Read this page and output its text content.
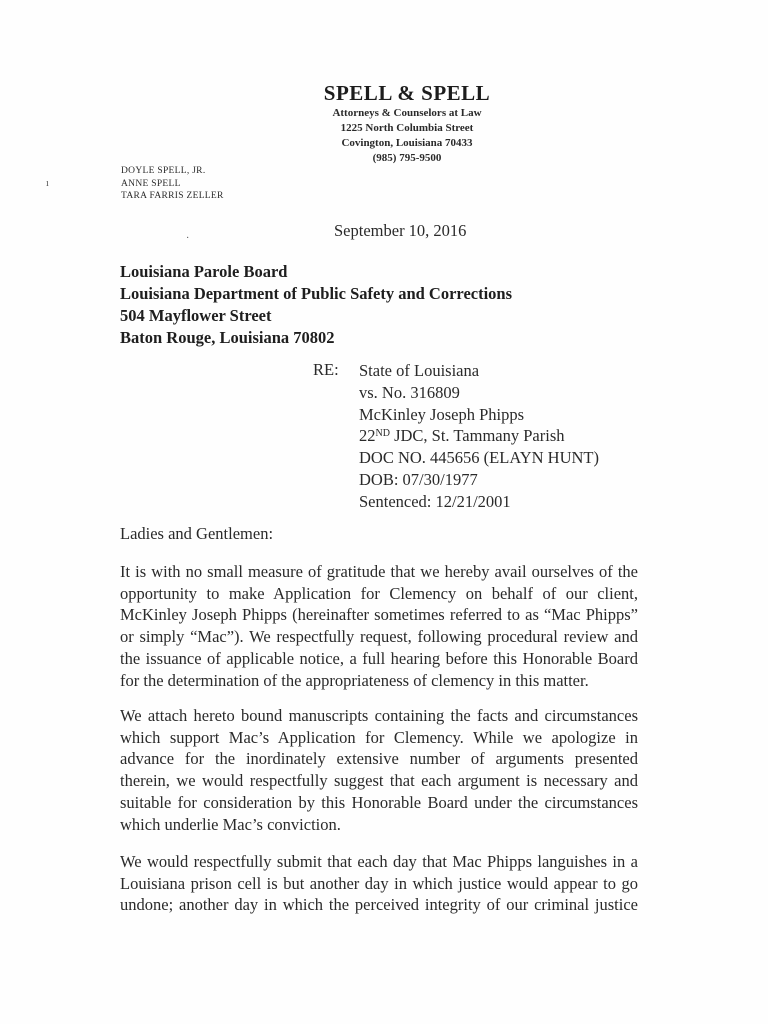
SPELL & SPELL
Attorneys & Counselors at Law
1225 North Columbia Street
Covington, Louisiana 70433
(985) 795-9500
DOYLE SPELL, JR.
ANNE SPELL
TARA FARRIS ZELLER
ı
·	September 10, 2016
Louisiana Parole Board
Louisiana Department of Public Safety and Corrections
504 Mayflower Street
Baton Rouge, Louisiana 70802
RE: State of Louisiana
vs. No. 316809
McKinley Joseph Phipps
22ND JDC, St. Tammany Parish
DOC NO. 445656 (ELAYN HUNT)
DOB: 07/30/1977
Sentenced: 12/21/2001
Ladies and Gentlemen:
It is with no small measure of gratitude that we hereby avail ourselves of the
opportunity to make Application for Clemency on behalf of our client,
McKinley Joseph Phipps (hereinafter sometimes referred to as “Mac Phipps”
or simply “Mac”). We respectfully request, following procedural review and
the issuance of applicable notice, a full hearing before this Honorable Board
for the determination of the appropriateness of clemency in this matter.
We attach hereto bound manuscripts containing the facts and circumstances
which support Mac’s Application for Clemency. While we apologize in
advance for the inordinately extensive number of arguments presented
therein, we would respectfully suggest that each argument is necessary and
suitable for consideration by this Honorable Board under the circumstances
which underlie Mac’s conviction.
We would respectfully submit that each day that Mac Phipps languishes in a
Louisiana prison cell is but another day in which justice would appear to go
undone; another day in which the perceived integrity of our criminal justice
